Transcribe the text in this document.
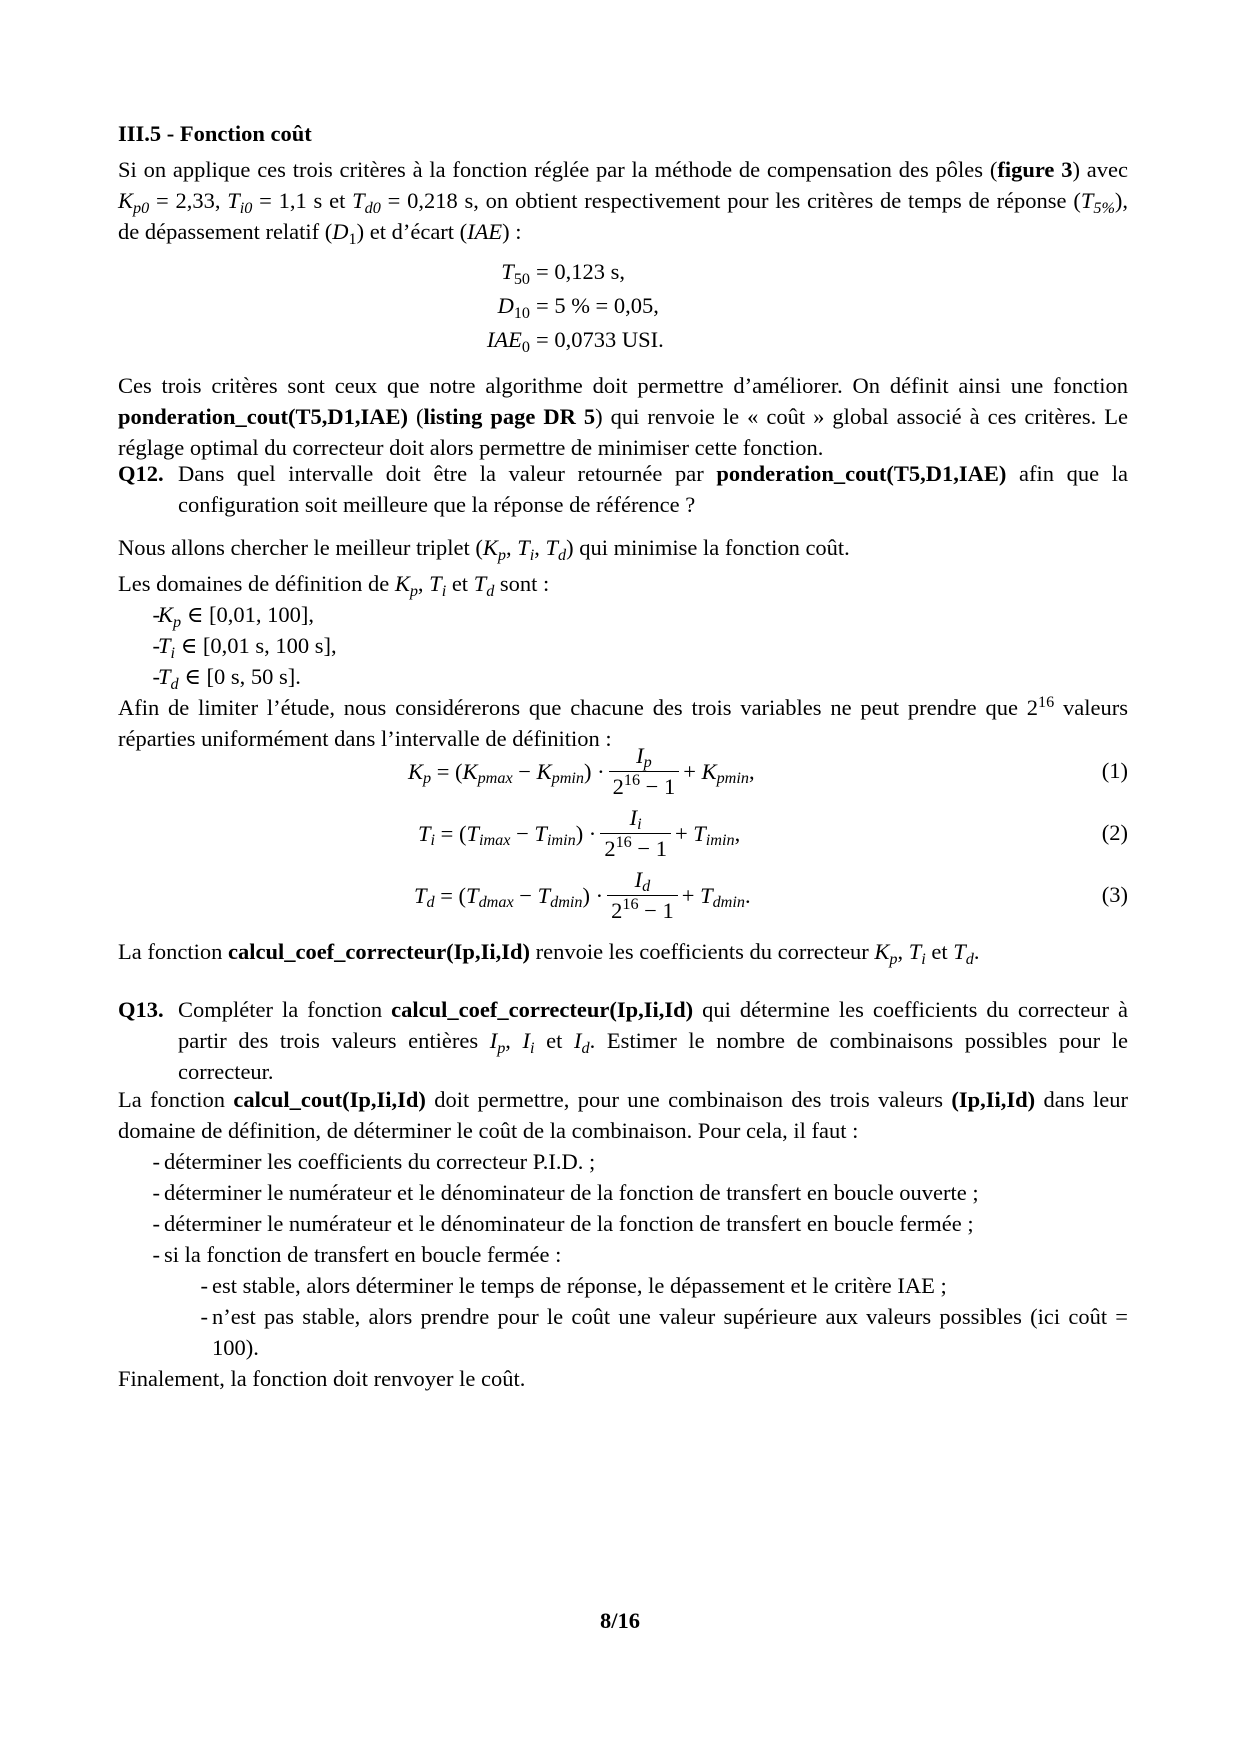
III.5 - Fonction coût

Si on applique ces trois critères à la fonction réglée par la méthode de compensation des pôles (figure 3) avec $K_{p0} = 2,33$, $T_{i0} = 1,1$ s et $T_{d0} = 0,218$ s, on obtient respectivement pour les critères de temps de réponse $(T_{5\%})$, de dépassement relatif $(D_1)$ et d’écart (IAE) :

$T_{50} = 0,123$ s,
$D_{10} = 5$ % = 0,05,
$IAE_0 = 0,0733$ USI.

Ces trois critères sont ceux que notre algorithme doit permettre d’améliorer. On définit ainsi une fonction ponderation_cout(T5,D1,IAE) (listing page DR 5) qui renvoie le « coût » global associé à ces critères. Le réglage optimal du correcteur doit alors permettre de minimiser cette fonction.

Q12. Dans quel intervalle doit être la valeur retournée par ponderation_cout(T5,D1,IAE) afin que la configuration soit meilleure que la réponse de référence ?

Nous allons chercher le meilleur triplet ($K_p$, $T_i$, $T_d$) qui minimise la fonction coût.

Les domaines de définition de $K_p$, $T_i$ et $T_d$ sont :

- $K_p$ ∈ [0,01, 100],
- $T_i$ ∈ [0,01 s, 100 s],
- $T_d$ ∈ [0 s, 50 s].

Afin de limiter l’étude, nous considérerons que chacune des trois variables ne peut prendre que $2^{16}$ valeurs réparties uniformément dans l’intervalle de définition :

$K_p = (K_{pmax} - K_{pmin}) \cdot \frac{I_p}{2^{16} - 1} + K_{pmin}$,	(1)
$T_i = (T_{imax} - T_{imin}) \cdot \frac{I_i}{2^{16} - 1} + T_{imin}$,	(2)
$T_d = (T_{dmax} - T_{dmin}) \cdot \frac{I_d}{2^{16} - 1} + T_{dmin}$.	(3)

La fonction calcul_coef_correcteur(Ip,Ii,Id) renvoie les coefficients du correcteur $K_p$, $T_i$ et $T_d$.

Q13. Compléter la fonction calcul_coef_correcteur(Ip,Ii,Id) qui détermine les coefficients du correcteur à partir des trois valeurs entières $I_p$, $I_i$ et $I_d$. Estimer le nombre de combinaisons possibles pour le correcteur.

La fonction calcul_cout(Ip,Ii,Id) doit permettre, pour une combinaison des trois valeurs (Ip,Ii,Id) dans leur domaine de définition, de déterminer le coût de la combinaison. Pour cela, il faut :

- déterminer les coefficients du correcteur P.I.D. ;
- déterminer le numérateur et le dénominateur de la fonction de transfert en boucle ouverte ;
- déterminer le numérateur et le dénominateur de la fonction de transfert en boucle fermée ;
- si la fonction de transfert en boucle fermée :
- est stable, alors déterminer le temps de réponse, le dépassement et le critère IAE ;
- n’est pas stable, alors prendre pour le coût une valeur supérieure aux valeurs possibles (ici coût = 100).

Finalement, la fonction doit renvoyer le coût.

8/16
